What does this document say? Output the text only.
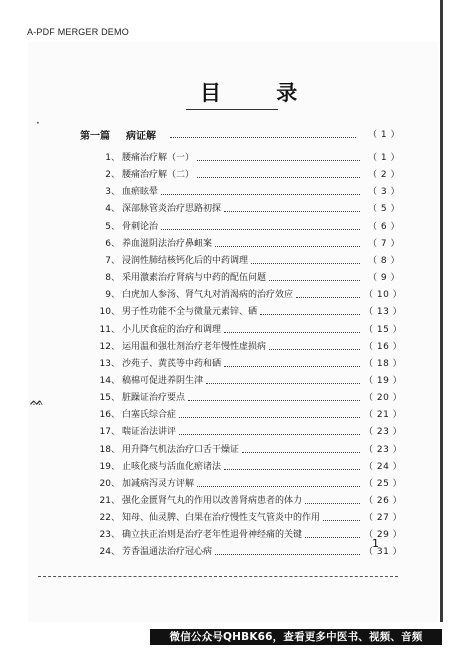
A-PDF MERGER DEMO
目 录
·
ᨐ
第一篇 病证解	（ 1 ）
1、 腰痛治疗解（一）	（ 1 ）
2、 腰痛治疗解（二）	（ 2 ）
3、 血瘀眩晕	（ 3 ）
4、 深部脉管炎治疗思路初探	（ 5 ）
5、 骨刺论治	（ 6 ）
6、 养血滋阴法治疗鼻衄案	（ 7 ）
7、 浸润性肺结核钙化后的中药调理	（ 8 ）
8、 采用激素治疗肾病与中药的配伍问题	（ 9 ）
9、 白虎加人参汤、肾气丸对消渴病的治疗效应	（ 10 ）
10、 男子性功能不全与微量元素锌、硒	（ 13 ）
11、 小儿厌食症的治疗和调理	（ 15 ）
12、 运用温和强壮剂治疗老年慢性虚损病	（ 16 ）
13、 沙苑子、黄芪等中药和硒	（ 18 ）
14、 稿棉可促进养阴生津	（ 19 ）
15、 脏躁证治疗要点	（ 20 ）
16、 白塞氏综合症	（ 21 ）
17、 喘证治法讲评	（ 23 ）
18、 用升降气机法治疗口舌干燥证	（ 23 ）
19、 止咳化痰与活血化瘀诸法	（ 24 ）
20、 加减病泻灵方评解	（ 25 ）
21、 强化金匮肾气丸的作用以改善肾病患者的体力	（ 26 ）
22、 知母、仙灵脾、白果在治疗慢性支气管炎中的作用	（ 27 ）
23、 确立扶正治则是治疗老年性退骨神经痛的关键	（ 29 ）
24、 芳香温通法治疗冠心病	（ 31 ）
1
微信公众号QHBK66，查看更多中医书、视频、音频
